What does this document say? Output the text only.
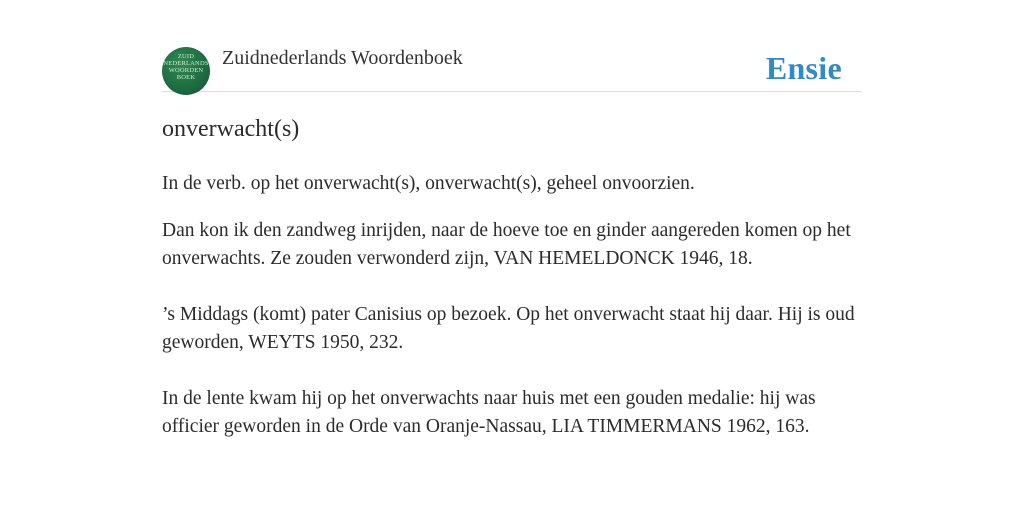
ZUID
NEDERLANDS
WOORDEN
BOEK
Zuidnederlands Woordenboek	Ensie
onverwacht(s)
In de verb. op het onverwacht(s), onverwacht(s), geheel onvoorzien.

Dan kon ik den zandweg inrijden, naar de hoeve toe en ginder aangereden komen op het onverwachts. Ze zouden verwonderd zijn, VAN HEMELDONCK 1946, 18.

’s Middags (komt) pater Canisius op bezoek. Op het onverwacht staat hij daar. Hij is oud geworden, WEYTS 1950, 232.

In de lente kwam hij op het onverwachts naar huis met een gouden medalie: hij was officier geworden in de Orde van Oranje-Nassau, LIA TIMMERMANS 1962, 163.
